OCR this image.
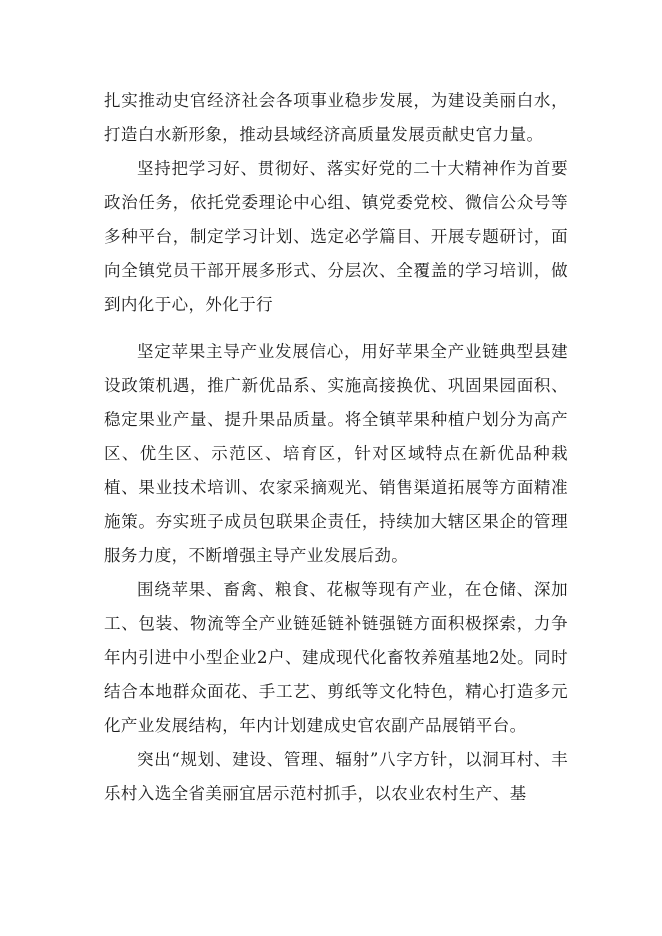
扎实推动史官经济社会各项事业稳步发展，为建设美丽白水，打造白水新形象，推动县域经济高质量发展贡献史官力量。

坚持把学习好、贯彻好、落实好党的二十大精神作为首要政治任务，依托党委理论中心组、镇党委党校、微信公众号等多种平台，制定学习计划、选定必学篇目、开展专题研讨，面向全镇党员干部开展多形式、分层次、全覆盖的学习培训，做到内化于心，外化于行

坚定苹果主导产业发展信心，用好苹果全产业链典型县建设政策机遇，推广新优品系、实施高接换优、巩固果园面积、稳定果业产量、提升果品质量。将全镇苹果种植户划分为高产区、优生区、示范区、培育区，针对区域特点在新优品种栽植、果业技术培训、农家采摘观光、销售渠道拓展等方面精准施策。夯实班子成员包联果企责任，持续加大辖区果企的管理服务力度，不断增强主导产业发展后劲。

围绕苹果、畜禽、粮食、花椒等现有产业，在仓储、深加工、包装、物流等全产业链延链补链强链方面积极探索，力争年内引进中小型企业2户、建成现代化畜牧养殖基地2处。同时结合本地群众面花、手工艺、剪纸等文化特色，精心打造多元化产业发展结构，年内计划建成史官农副产品展销平台。

突出“规划、建设、管理、辐射”八字方针，以洞耳村、丰乐村入选全省美丽宜居示范村抓手，以农业农村生产、基
